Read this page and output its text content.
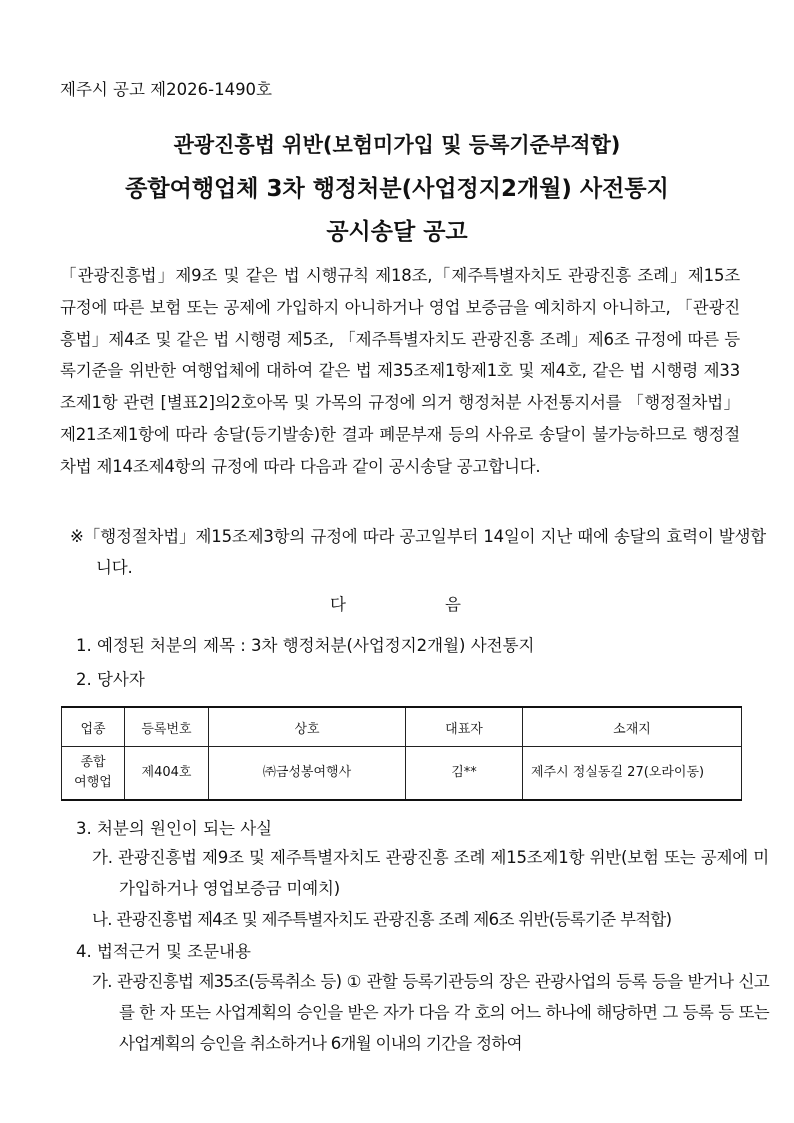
제주시 공고 제2026-1490호
관광진흥법 위반(보험미가입 및 등록기준부적합)
종합여행업체 3차 행정처분(사업정지2개월) 사전통지
공시송달 공고
「관광진흥법」제9조 및 같은 법 시행규칙 제18조,「제주특별자치도 관광진흥 조례」제15조 규정에 따른 보험 또는 공제에 가입하지 아니하거나 영업 보증금을 예치하지 아니하고, 「관광진흥법」제4조 및 같은 법 시행령 제5조, 「제주특별자치도 관광진흥 조례」제6조 규정에 따른 등록기준을 위반한 여행업체에 대하여 같은 법 제35조제1항제1호 및 제4호, 같은 법 시행령 제33조제1항 관련 [별표2]의2호아목 및 가목의 규정에 의거 행정처분 사전통지서를 「행정절차법」 제21조제1항에 따라 송달(등기발송)한 결과 폐문부재 등의 사유로 송달이 불가능하므로 행정절차법 제14조제4항의 규정에 따라 다음과 같이 공시송달 공고합니다.
※「행정절차법」제15조제3항의 규정에 따라 공고일부터 14일이 지난 때에 송달의 효력이 발생합니다.
다	음
1. 예정된 처분의 제목 : 3차 행정처분(사업정지2개월) 사전통지
2. 당사자
업종	등록번호	상호	대표자	소재지
종합
여행업	제404호	㈜금성봉여행사	김**	제주시 정실동길 27(오라이동)
3. 처분의 원인이 되는 사실
가. 관광진흥법 제9조 및 제주특별자치도 관광진흥 조례 제15조제1항 위반(보험 또는 공제에 미가입하거나 영업보증금 미예치)
나. 관광진흥법 제4조 및 제주특별자치도 관광진흥 조례 제6조 위반(등록기준 부적합)
4. 법적근거 및 조문내용
가. 관광진흥법 제35조(등록취소 등) ① 관할 등록기관등의 장은 관광사업의 등록 등을 받거나 신고를 한 자 또는 사업계획의 승인을 받은 자가 다음 각 호의 어느 하나에 해당하면 그 등록 등 또는 사업계획의 승인을 취소하거나 6개월 이내의 기간을 정하여
